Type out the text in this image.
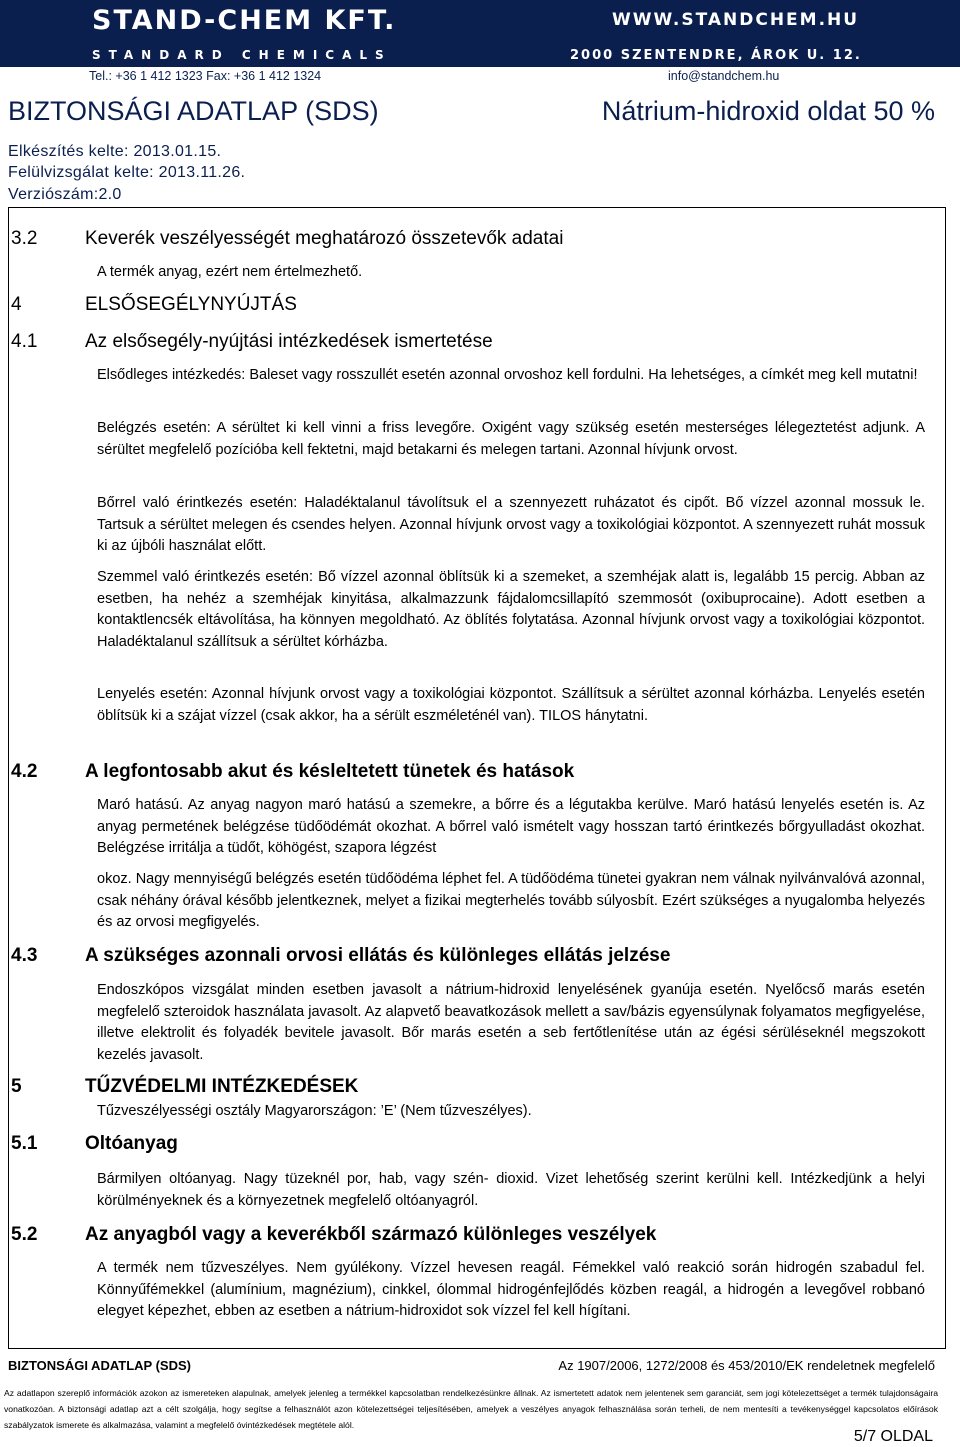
STAND-CHEM KFT.	WWW.STANDCHEM.HU
STANDARD CHEMICALS	2000 SZENTENDRE, ÁROK U. 12.
Tel.: +36 1 412 1323 Fax: +36 1 412 1324	info@standchem.hu
BIZTONSÁGI ADATLAP (SDS)	Nátrium-hidroxid oldat 50 %
Elkészítés kelte: 2013.01.15.
Felülvizsgálat kelte: 2013.11.26.
Verziószám:2.0
3.2	Keverék veszélyességét meghatározó összetevők adatai
A termék anyag, ezért nem értelmezhető.
4	ELSŐSEGÉLYNYÚJTÁS
4.1	Az elsősegély-nyújtási intézkedések ismertetése
Elsődleges intézkedés: Baleset vagy rosszullét esetén azonnal orvoshoz kell fordulni. Ha lehetséges, a címkét meg kell mutatni!
Belégzés esetén: A sérültet ki kell vinni a friss levegőre. Oxigént vagy szükség esetén mesterséges lélegeztetést adjunk. A sérültet megfelelő pozícióba kell fektetni, majd betakarni és melegen tartani. Azonnal hívjunk orvost.
Bőrrel való érintkezés esetén: Haladéktalanul távolítsuk el a szennyezett ruházatot és cipőt. Bő vízzel azonnal mossuk le. Tartsuk a sérültet melegen és csendes helyen. Azonnal hívjunk orvost vagy a toxikológiai központot. A szennyezett ruhát mossuk ki az újbóli használat előtt.
Szemmel való érintkezés esetén: Bő vízzel azonnal öblítsük ki a szemeket, a szemhéjak alatt is, legalább 15 percig. Abban az esetben, ha nehéz a szemhéjak kinyitása, alkalmazzunk fájdalomcsillapító szemmosót (oxibuprocaine). Adott esetben a kontaktlencsék eltávolítása, ha könnyen megoldható. Az öblítés folytatása. Azonnal hívjunk orvost vagy a toxikológiai központot. Haladéktalanul szállítsuk a sérültet kórházba.
Lenyelés esetén: Azonnal hívjunk orvost vagy a toxikológiai központot. Szállítsuk a sérültet azonnal kórházba. Lenyelés esetén öblítsük ki a szájat vízzel (csak akkor, ha a sérült eszméleténél van). TILOS hánytatni.
4.2	A legfontosabb akut és késleltetett tünetek és hatások
Maró hatású. Az anyag nagyon maró hatású a szemekre, a bőrre és a légutakba kerülve. Maró hatású lenyelés esetén is. Az anyag permetének belégzése tüdőödémát okozhat. A bőrrel való ismételt vagy hosszan tartó érintkezés bőrgyulladást okozhat. Belégzése irritálja a tüdőt, köhögést, szapora légzést
okoz. Nagy mennyiségű belégzés esetén tüdőödéma léphet fel. A tüdőödéma tünetei gyakran nem válnak nyilvánvalóvá azonnal, csak néhány órával később jelentkeznek, melyet a fizikai megterhelés tovább súlyosbít. Ezért szükséges a nyugalomba helyezés és az orvosi megfigyelés.
4.3	A szükséges azonnali orvosi ellátás és különleges ellátás jelzése
Endoszkópos vizsgálat minden esetben javasolt a nátrium-hidroxid lenyelésének gyanúja esetén. Nyelőcső marás esetén megfelelő szteroidok használata javasolt. Az alapvető beavatkozások mellett a sav/bázis egyensúlynak folyamatos megfigyelése, illetve elektrolit és folyadék bevitele javasolt. Bőr marás esetén a seb fertőtlenítése után az égési sérüléseknél megszokott kezelés javasolt.
5	TŰZVÉDELMI INTÉZKEDÉSEK
Tűzveszélyességi osztály Magyarországon: ’E’ (Nem tűzveszélyes).
5.1	Oltóanyag
Bármilyen oltóanyag. Nagy tüzeknél por, hab, vagy szén- dioxid. Vizet lehetőség szerint kerülni kell. Intézkedjünk a helyi körülményeknek és a környezetnek megfelelő oltóanyagról.
5.2	Az anyagból vagy a keverékből származó különleges veszélyek
A termék nem tűzveszélyes. Nem gyúlékony. Vízzel hevesen reagál. Fémekkel való reakció során hidrogén szabadul fel. Könnyűfémekkel (alumínium, magnézium), cinkkel, ólommal hidrogénfejlődés közben reagál, a hidrogén a levegővel robbanó elegyet képezhet, ebben az esetben a nátrium-hidroxidot sok vízzel fel kell hígítani.
BIZTONSÁGI ADATLAP (SDS)	Az 1907/2006, 1272/2008 és 453/2010/EK rendeletnek megfelelő
Az adatlapon szereplő információk azokon az ismereteken alapulnak, amelyek jelenleg a termékkel kapcsolatban rendelkezésünkre állnak. Az ismertetett adatok nem jelentenek sem garanciát, sem jogi kötelezettséget a termék tulajdonságaira vonatkozóan. A biztonsági adatlap azt a célt szolgálja, hogy segítse a felhasználót azon kötelezettségei teljesítésében, amelyek a veszélyes anyagok felhasználása során terheli, de nem mentesíti a tevékenységgel kapcsolatos előírások szabályzatok ismerete és alkalmazása, valamint a megfelelő óvintézkedések megtétele alól.
5/7 OLDAL
